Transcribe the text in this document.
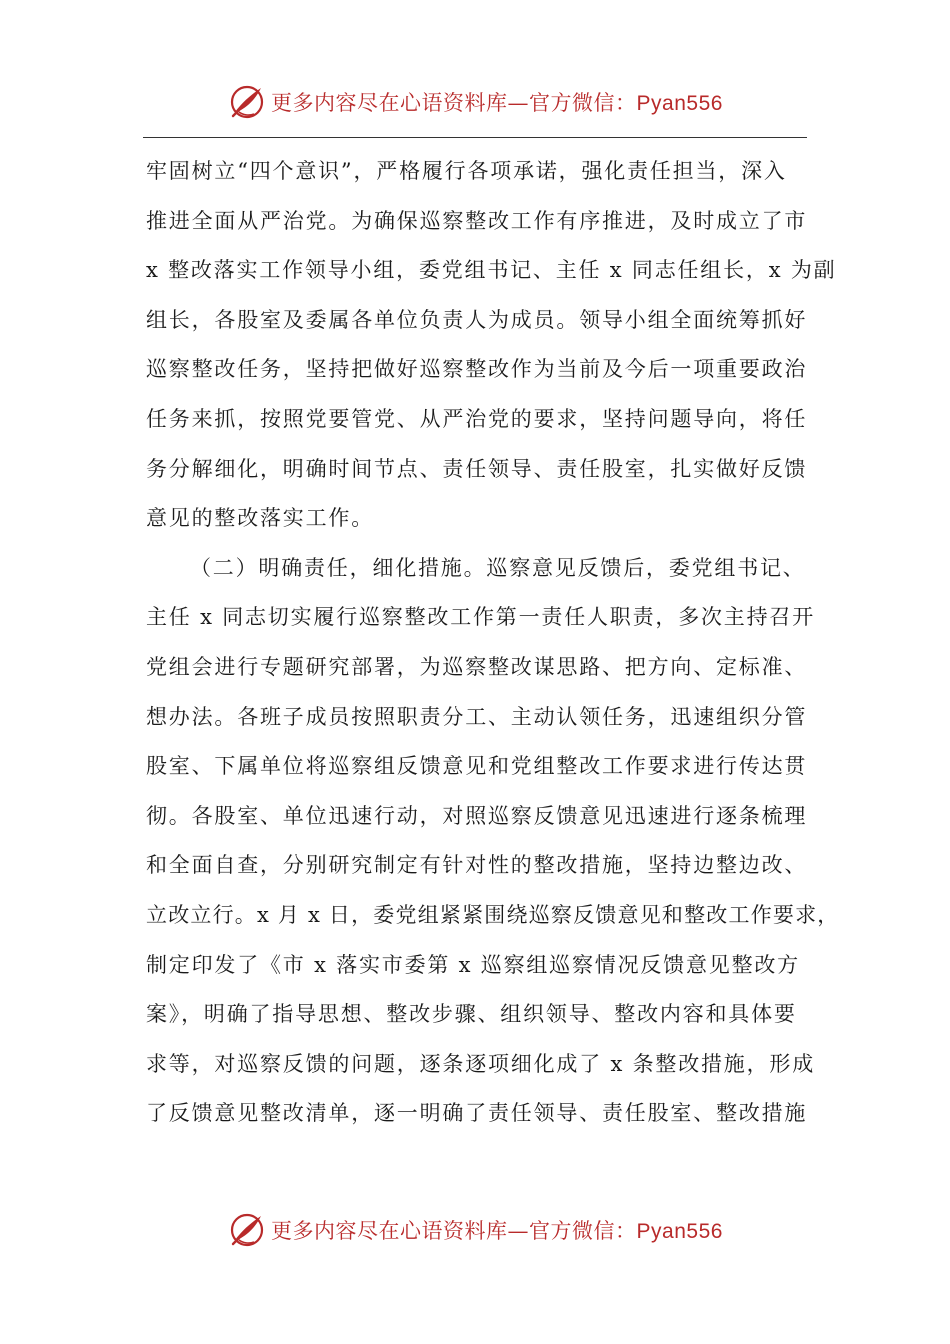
更多内容尽在心语资料库—官方微信：Pyan556
牢固树立“四个意识”，严格履行各项承诺，强化责任担当，深入
推进全面从严治党。为确保巡察整改工作有序推进，及时成立了市
x 整改落实工作领导小组，委党组书记、主任 x 同志任组长，x 为副
组长，各股室及委属各单位负责人为成员。领导小组全面统筹抓好
巡察整改任务，坚持把做好巡察整改作为当前及今后一项重要政治
任务来抓，按照党要管党、从严治党的要求，坚持问题导向，将任
务分解细化，明确时间节点、责任领导、责任股室，扎实做好反馈
意见的整改落实工作。
（二）明确责任，细化措施。巡察意见反馈后，委党组书记、
主任 x 同志切实履行巡察整改工作第一责任人职责，多次主持召开
党组会进行专题研究部署，为巡察整改谋思路、把方向、定标准、
想办法。各班子成员按照职责分工、主动认领任务，迅速组织分管
股室、下属单位将巡察组反馈意见和党组整改工作要求进行传达贯
彻。各股室、单位迅速行动，对照巡察反馈意见迅速进行逐条梳理
和全面自查，分别研究制定有针对性的整改措施，坚持边整边改、
立改立行。x 月 x 日，委党组紧紧围绕巡察反馈意见和整改工作要求，
制定印发了《市 x 落实市委第 x 巡察组巡察情况反馈意见整改方
案》，明确了指导思想、整改步骤、组织领导、整改内容和具体要
求等，对巡察反馈的问题，逐条逐项细化成了 x 条整改措施，形成
了反馈意见整改清单，逐一明确了责任领导、责任股室、整改措施
更多内容尽在心语资料库—官方微信：Pyan556
